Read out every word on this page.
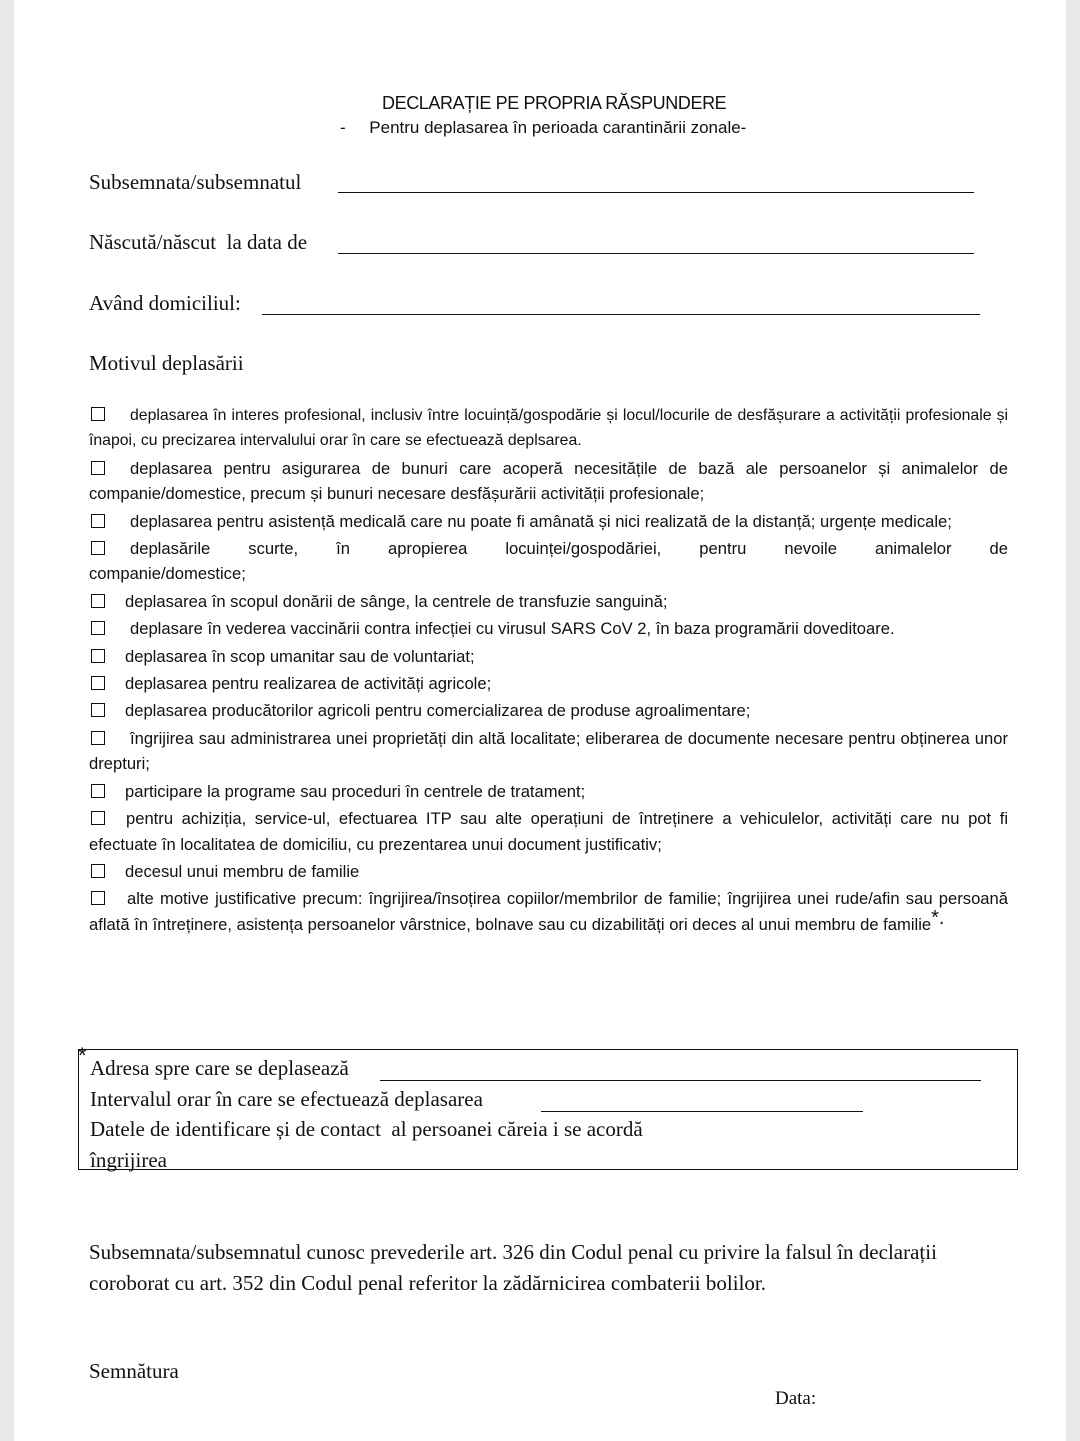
DECLARAȚIE PE PROPRIA RĂSPUNDERE
-     Pentru deplasarea în perioada carantinării zonale-
Subsemnata/subsemnatul
Născută/născut  la data de
Având domiciliul:
Motivul deplasării

deplasarea în interes profesional, inclusiv între locuință/gospodărie și locul/locurile de desfășurare a activității profesionale și înapoi, cu precizarea intervalului orar în care se efectuează deplsarea.

deplasarea pentru asigurarea de bunuri care acoperă necesitățile de bază ale persoanelor și animalelor de companie/domestice, precum și bunuri necesare desfășurării activității profesionale;

deplasarea pentru asistență medicală care nu poate fi amânată și nici realizată de la distanță; urgențe medicale;

deplasările scurte, în apropierea locuinței/gospodăriei, pentru nevoile animalelor de companie/domestice;

deplasarea în scopul donării de sânge, la centrele de transfuzie sanguină;

deplasare în vederea vaccinării contra infecției cu virusul SARS CoV 2, în baza programării doveditoare.

deplasarea în scop umanitar sau de voluntariat;

deplasarea pentru realizarea de activități agricole;

deplasarea producătorilor agricoli pentru comercializarea de produse agroalimentare;

îngrijirea sau administrarea unei proprietăți din altă localitate; eliberarea de documente necesare pentru obținerea unor drepturi;

participare la programe sau proceduri în centrele de tratament;

pentru achiziția, service-ul, efectuarea ITP sau alte operațiuni de întreținere a vehiculelor, activități care nu pot fi efectuate în localitatea de domiciliu, cu prezentarea unui document justificativ;

decesul unui membru de familie

alte motive justificative precum: îngrijirea/însoțirea copiilor/membrilor de familie; îngrijirea unei rude/afin sau persoană aflată în întreținere, asistența persoanelor vârstnice, bolnave sau cu dizabilități ori deces al unui membru de familie*.

* Adresa spre care se deplasează
Intervalul orar în care se efectuează deplasarea
Datele de identificare și de contact  al persoanei căreia i se acordă
îngrijirea
Subsemnata/subsemnatul cunosc prevederile art. 326 din Codul penal cu privire la falsul în declarații coroborat cu art. 352 din Codul penal referitor la zădărnicirea combaterii bolilor.
Semnătura
Data:
